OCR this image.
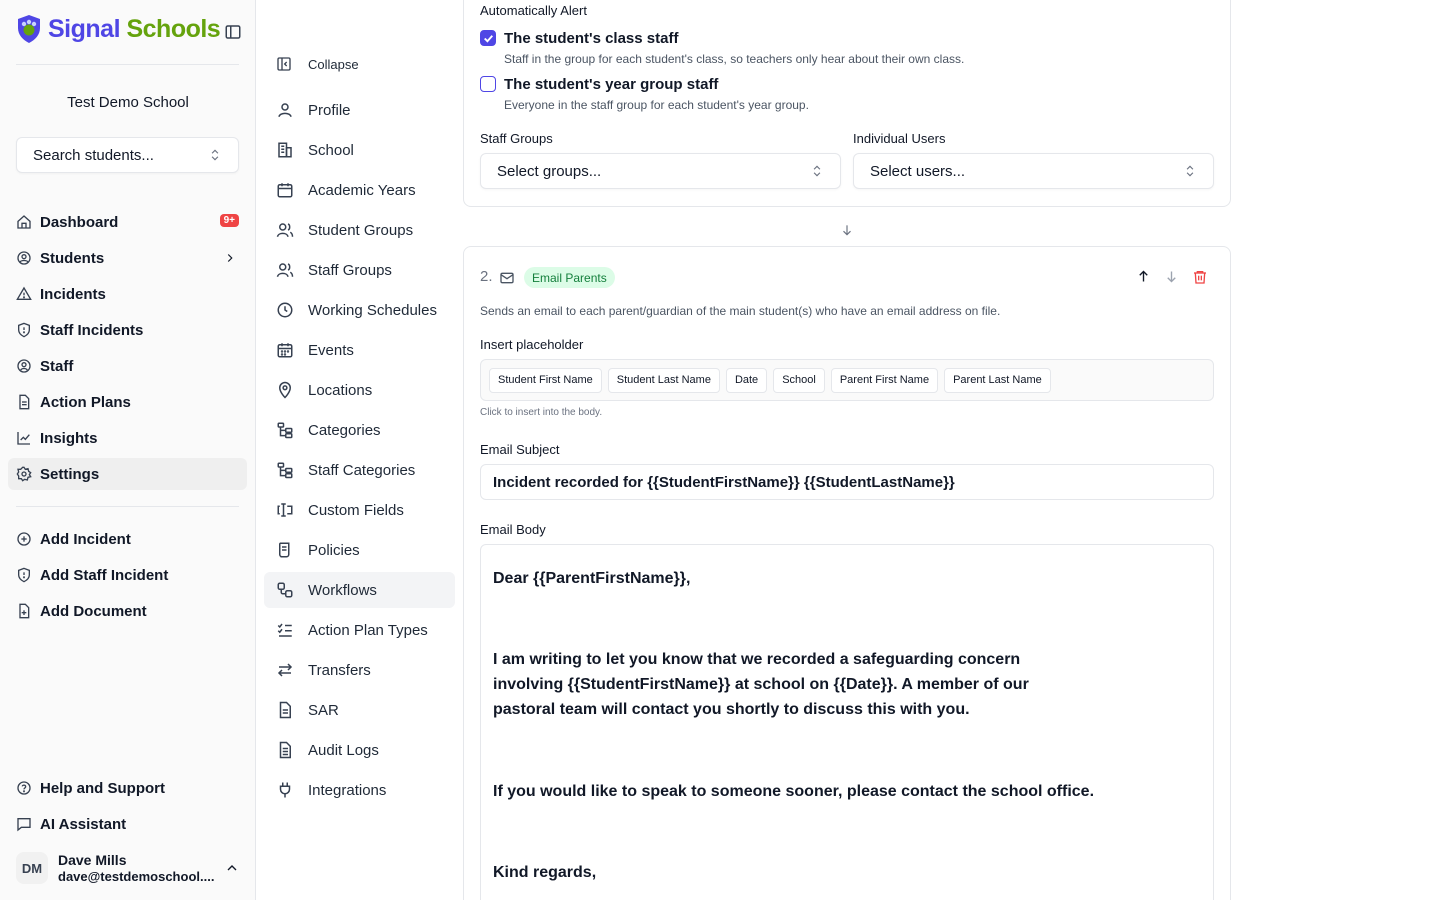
Signal Schools
Test Demo School
Search students...
Dashboard	9+
Students
Incidents
Staff Incidents
Staff
Action Plans
Insights
Settings
Add Incident
Add Staff Incident
Add Document
Help and Support
AI Assistant
DM
Dave Mills
dave@testdemoschool....
Collapse
Profile
School
Academic Years
Student Groups
Staff Groups
Working Schedules
Events
Locations
Categories
Staff Categories
Custom Fields
Policies
Workflows
Action Plan Types
Transfers
SAR
Audit Logs
Integrations
Automatically Alert
The student's class staff
Staff in the group for each student's class, so teachers only hear about their own class.
The student's year group staff
Everyone in the staff group for each student's year group.
Staff Groups
Select groups...
Individual Users
Select users...
2.	Email Parents
Sends an email to each parent/guardian of the main student(s) who have an email address on file.
Insert placeholder
Student First Name	Student Last Name	Date	School	Parent First Name	Parent Last Name
Click to insert into the body.
Email Subject
Incident recorded for {{StudentFirstName}} {{StudentLastName}}
Email Body
Dear {{ParentFirstName}},
I am writing to let you know that we recorded a safeguarding concern involving {{StudentFirstName}} at school on {{Date}}. A member of our pastoral team will contact you shortly to discuss this with you.
If you would like to speak to someone sooner, please contact the school office.
Kind regards,
